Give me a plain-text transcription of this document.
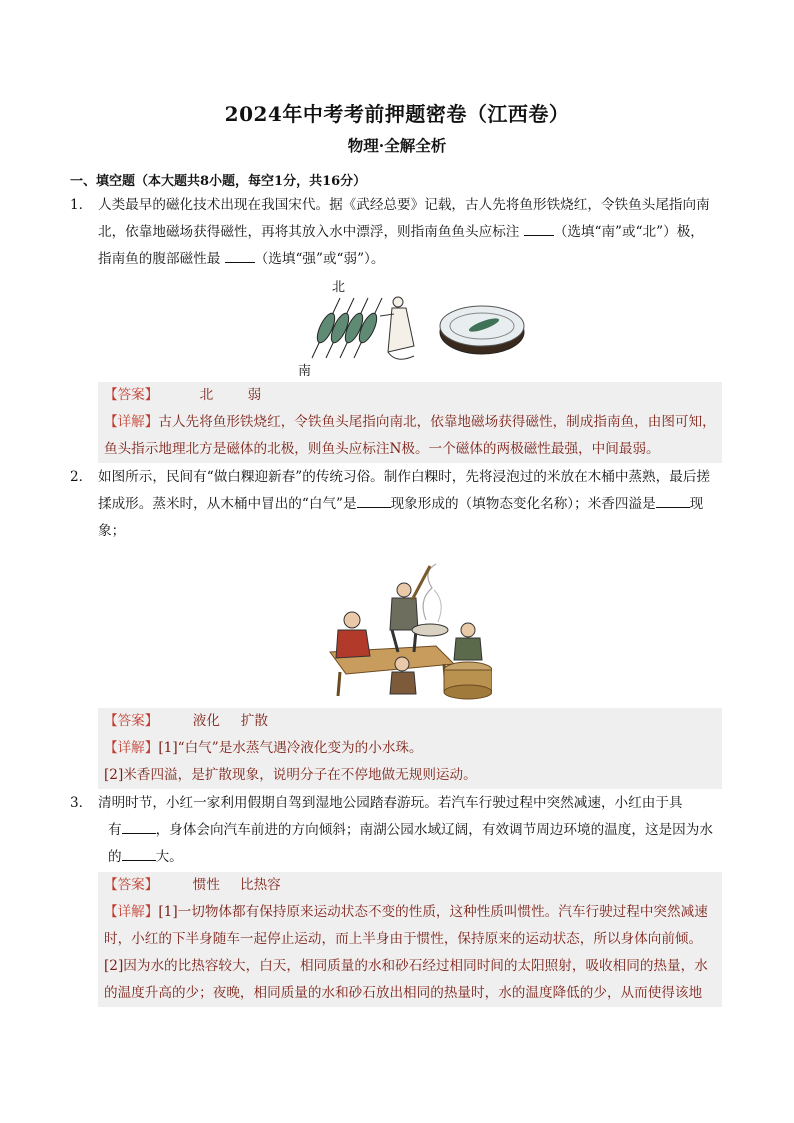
2024年中考考前押题密卷（江西卷）
物理·全解全析
一、填空题（本大题共8小题，每空1分，共16分）
1． 人类最早的磁化技术出现在我国宋代。据《武经总要》记载，古人先将鱼形铁烧红，令铁鱼头尾指向南
北，依靠地磁场获得磁性，再将其放入水中漂浮，则指南鱼鱼头应标注 （选填“南”或“北”）极，
指南鱼的腹部磁性最 （选填“强”或“弱”）。
北
南
【答案】	北	弱
【详解】古人先将鱼形铁烧红，令铁鱼头尾指向南北，依靠地磁场获得磁性，制成指南鱼，由图可知，
鱼头指示地理北方是磁体的北极，则鱼头应标注N极。一个磁体的两极磁性最强，中间最弱。
2． 如图所示，民间有“做白粿迎新春”的传统习俗。制作白粿时，先将浸泡过的米放在木桶中蒸熟，最后搓
揉成形。蒸米时，从木桶中冒出的“白气”是	现象形成的（填物态变化名称）；米香四溢是	现
象；
【答案】	液化 扩散
【详解】[1]“白气”是水蒸气遇冷液化变为的小水珠。
[2]米香四溢，是扩散现象，说明分子在不停地做无规则运动。
3． 清明时节，小红一家利用假期自驾到湿地公园踏春游玩。若汽车行驶过程中突然减速，小红由于具
有	，身体会向汽车前进的方向倾斜；南湖公园水域辽阔，有效调节周边环境的温度，这是因为水
的	大。
【答案】	惯性 比热容
【详解】[1]一切物体都有保持原来运动状态不变的性质，这种性质叫惯性。汽车行驶过程中突然减速
时，小红的下半身随车一起停止运动，而上半身由于惯性，保持原来的运动状态，所以身体向前倾。
[2]因为水的比热容较大，白天，相同质量的水和砂石经过相同时间的太阳照射，吸收相同的热量，水
的温度升高的少；夜晚，相同质量的水和砂石放出相同的热量时，水的温度降低的少，从而使得该地
